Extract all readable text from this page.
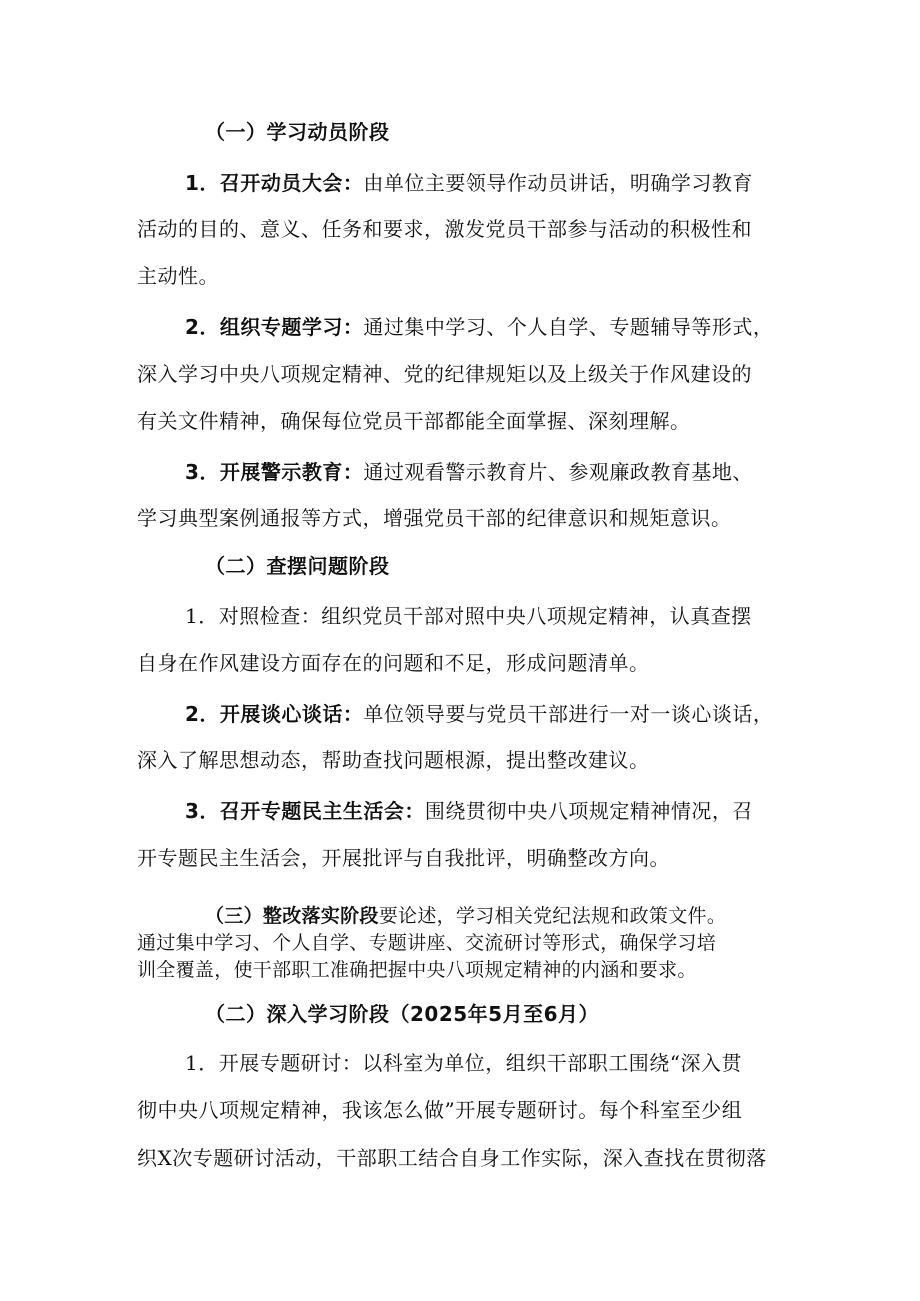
（一）学习动员阶段
1．召开动员大会：由单位主要领导作动员讲话，明确学习教育
活动的目的、意义、任务和要求，激发党员干部参与活动的积极性和
主动性。
2．组织专题学习：通过集中学习、个人自学、专题辅导等形式，
深入学习中央八项规定精神、党的纪律规矩以及上级关于作风建设的
有关文件精神，确保每位党员干部都能全面掌握、深刻理解。
3．开展警示教育：通过观看警示教育片、参观廉政教育基地、
学习典型案例通报等方式，增强党员干部的纪律意识和规矩意识。
（二）查摆问题阶段
1．对照检查：组织党员干部对照中央八项规定精神，认真查摆
自身在作风建设方面存在的问题和不足，形成问题清单。
2．开展谈心谈话：单位领导要与党员干部进行一对一谈心谈话，
深入了解思想动态，帮助查找问题根源，提出整改建议。
3．召开专题民主生活会：围绕贯彻中央八项规定精神情况，召
开专题民主生活会，开展批评与自我批评，明确整改方向。
（三）整改落实阶段要论述，学习相关党纪法规和政策文件。
通过集中学习、个人自学、专题讲座、交流研讨等形式，确保学习培
训全覆盖，使干部职工准确把握中央八项规定精神的内涵和要求。
（二）深入学习阶段（2025年5月至6月）
1．开展专题研讨：以科室为单位，组织干部职工围绕“深入贯
彻中央八项规定精神，我该怎么做”开展专题研讨。每个科室至少组
织X次专题研讨活动，干部职工结合自身工作实际，深入查找在贯彻落
